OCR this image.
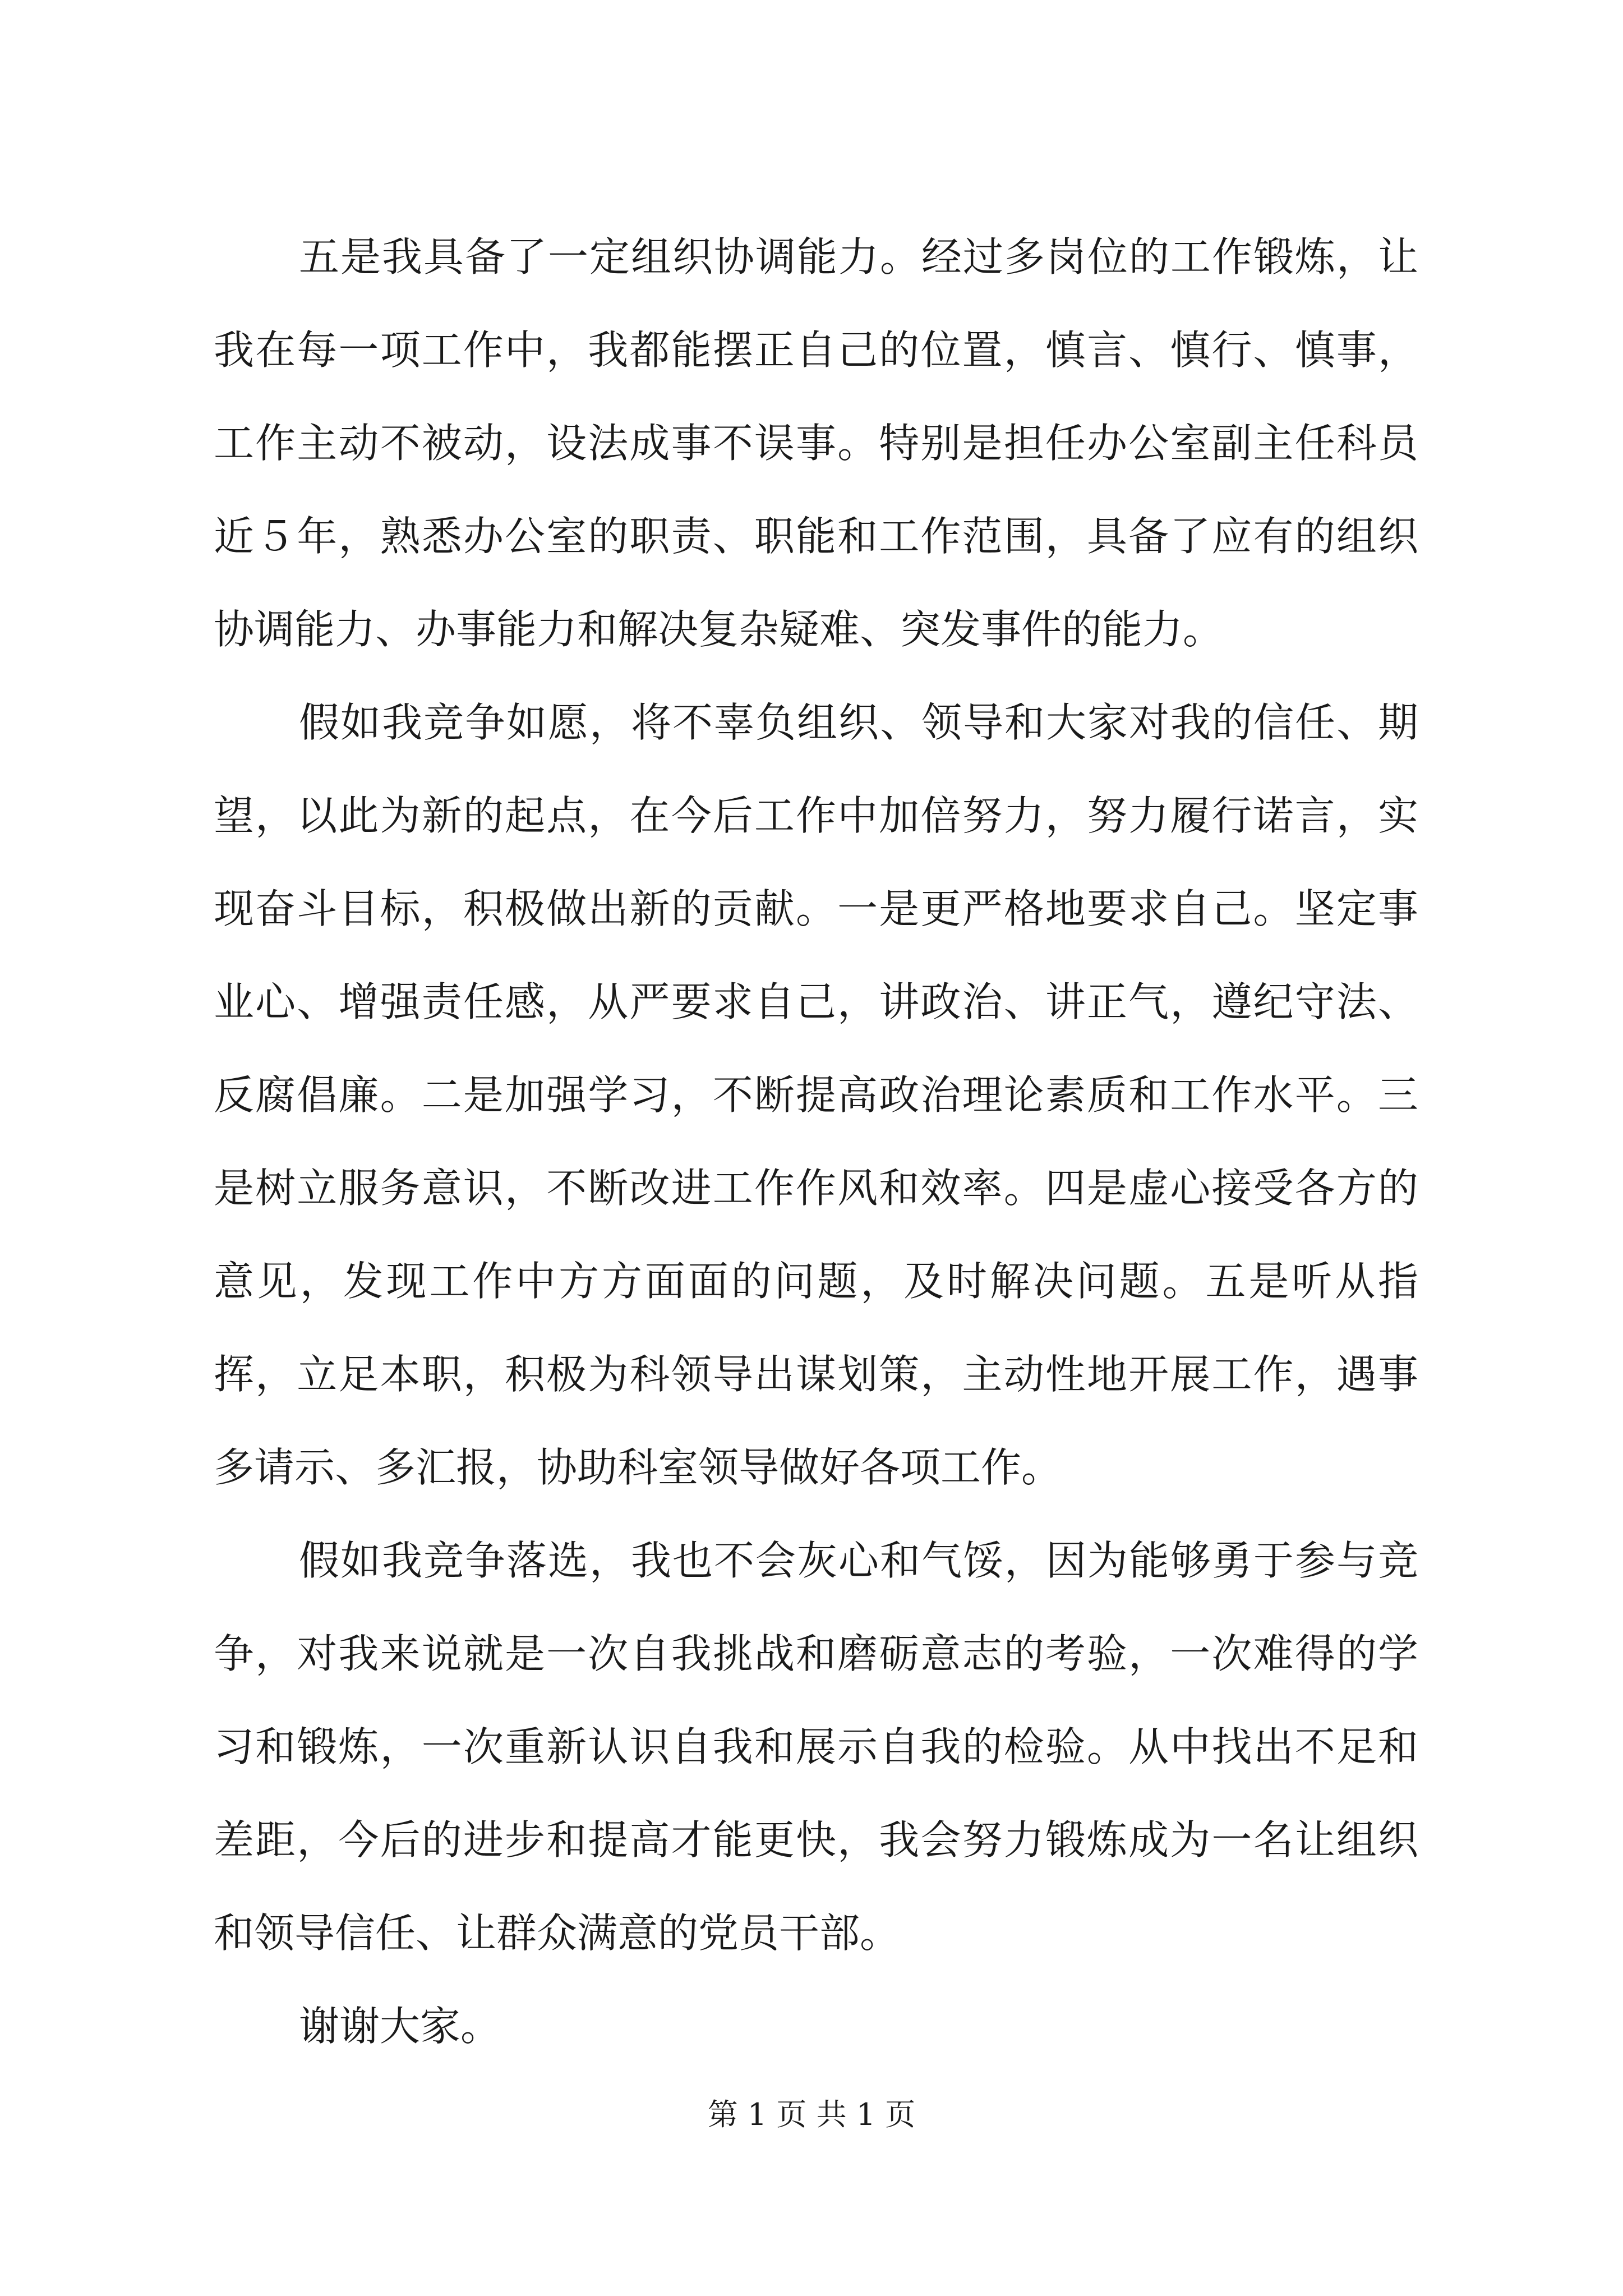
五是我具备了一定组织协调能力。经过多岗位的工作锻炼，让我在每一项工作中，我都能摆正自己的位置，慎言、慎行、慎事，工作主动不被动，设法成事不误事。特别是担任办公室副主任科员近５年，熟悉办公室的职责、职能和工作范围，具备了应有的组织协调能力、办事能力和解决复杂疑难、突发事件的能力。

假如我竞争如愿，将不辜负组织、领导和大家对我的信任、期望，以此为新的起点，在今后工作中加倍努力，努力履行诺言，实现奋斗目标，积极做出新的贡献。一是更严格地要求自己。坚定事业心、增强责任感，从严要求自己，讲政治、讲正气，遵纪守法、反腐倡廉。二是加强学习，不断提高政治理论素质和工作水平。三是树立服务意识，不断改进工作作风和效率。四是虚心接受各方的意见，发现工作中方方面面的问题，及时解决问题。五是听从指挥，立足本职，积极为科领导出谋划策，主动性地开展工作，遇事多请示、多汇报，协助科室领导做好各项工作。

假如我竞争落选，我也不会灰心和气馁，因为能够勇于参与竞争，对我来说就是一次自我挑战和磨砺意志的考验，一次难得的学习和锻炼，一次重新认识自我和展示自我的检验。从中找出不足和差距，今后的进步和提高才能更快，我会努力锻炼成为一名让组织和领导信任、让群众满意的党员干部。

谢谢大家。

第 1 页 共 1 页
